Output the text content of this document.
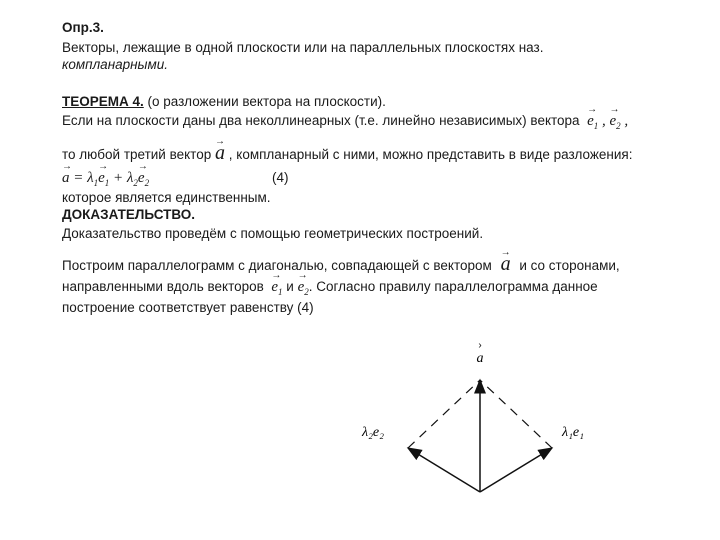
Опр.3.
Векторы, лежащие в одной плоскости или на параллельных плоскостях наз.
компланарными.
ТЕОРЕМА 4. (о разложении вектора на плоскости).
Если на плоскости даны два неколлинеарных (т.е. линейно независимых) вектора → $e_1$ , → $e_2$ ,
то любой третий вектор → a , компланарный с ними, можно представить в виде разложения:
→ $a = \lambda_1\to e_1 + \lambda_2\to e_2$	(4)
которое является единственным.
ДОКАЗАТЕЛЬСТВО.
Доказательство проведём с помощью геометрических построений.
Построим параллелограмм с диагональю, совпадающей с вектором → a и со сторонами,
направленными вдоль векторов → $e_1$ $и \to e_2$. Согласно правилу параллелограмма данное
построение соответствует равенству (4)
a
›
λ₂e₂	λ₁e₁
